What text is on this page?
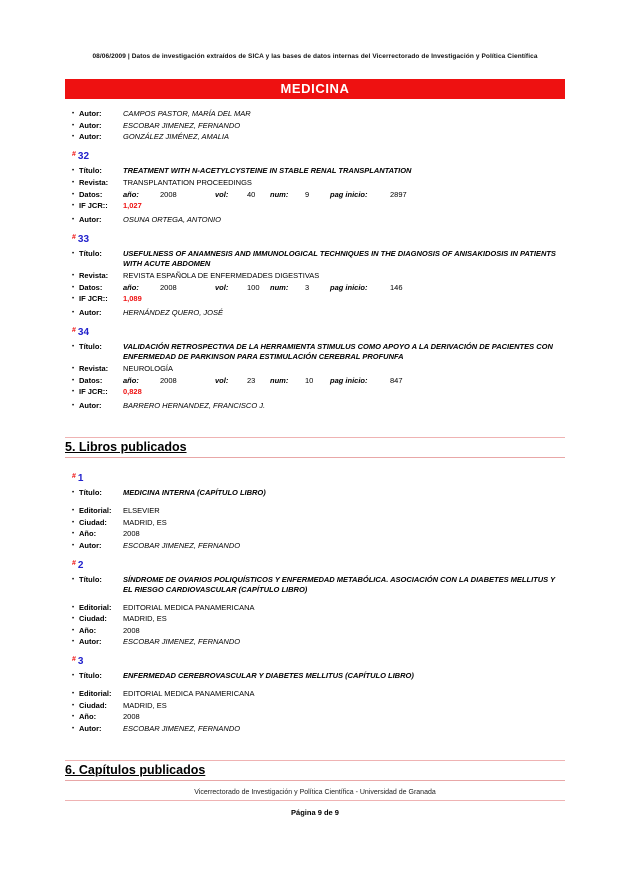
08/06/2009 | Datos de investigación extraídos de SICA y las bases de datos internas del Vicerrectorado de Investigación y Política Científica
MEDICINA
• Autor:	CAMPOS PASTOR, MARÍA DEL MAR
• Autor:	ESCOBAR JIMENEZ, FERNANDO
• Autor:	GONZÁLEZ JIMÉNEZ, AMALIA
# 32
• Título:	TREATMENT WITH N-ACETYLCYSTEINE IN STABLE RENAL TRANSPLANTATION
• Revista:	TRANSPLANTATION PROCEEDINGS
• Datos:	año:	2008	vol:	40	num:	9	pag inicio:	2897
• IF JCR::	1,027
• Autor:	OSUNA ORTEGA, ANTONIO
# 33
• Título:	USEFULNESS OF ANAMNESIS AND IMMUNOLOGICAL TECHNIQUES IN THE DIAGNOSIS OF ANISAKIDOSIS IN PATIENTS WITH ACUTE ABDOMEN
• Revista:	REVISTA ESPAÑOLA DE ENFERMEDADES DIGESTIVAS
• Datos:	año:	2008	vol:	100	num:	3	pag inicio:	146
• IF JCR::	1,089
• Autor:	HERNÁNDEZ QUERO, JOSÉ
# 34
• Título:	VALIDACIÓN RETROSPECTIVA DE LA HERRAMIENTA STIMULUS COMO APOYO A LA DERIVACIÓN DE PACIENTES CON ENFERMEDAD DE PARKINSON PARA ESTIMULACIÓN CEREBRAL PROFUNFA
• Revista:	NEUROLOGÍA
• Datos:	año:	2008	vol:	23	num:	10	pag inicio:	847
• IF JCR::	0,828
• Autor:	BARRERO HERNANDEZ, FRANCISCO J.
5. Libros publicados
# 1
• Título:	MEDICINA INTERNA (CAPÍTULO LIBRO)
• Editorial:	ELSEVIER
• Ciudad:	MADRID, ES
• Año:	2008
• Autor:	ESCOBAR JIMENEZ, FERNANDO
# 2
• Título:	SÍNDROME DE OVARIOS POLIQUÍSTICOS Y ENFERMEDAD METABÓLICA. ASOCIACIÓN CON LA DIABETES MELLITUS Y EL RIESGO CARDIOVASCULAR (CAPÍTULO LIBRO)
• Editorial:	EDITORIAL MEDICA PANAMERICANA
• Ciudad:	MADRID, ES
• Año:	2008
• Autor:	ESCOBAR JIMENEZ, FERNANDO
# 3
• Título:	ENFERMEDAD CEREBROVASCULAR Y DIABETES MELLITUS (CAPÍTULO LIBRO)
• Editorial:	EDITORIAL MEDICA PANAMERICANA
• Ciudad:	MADRID, ES
• Año:	2008
• Autor:	ESCOBAR JIMENEZ, FERNANDO
6. Capítulos publicados
Vicerrectorado de Investigación y Política Científica - Universidad de Granada
Página 9 de 9
